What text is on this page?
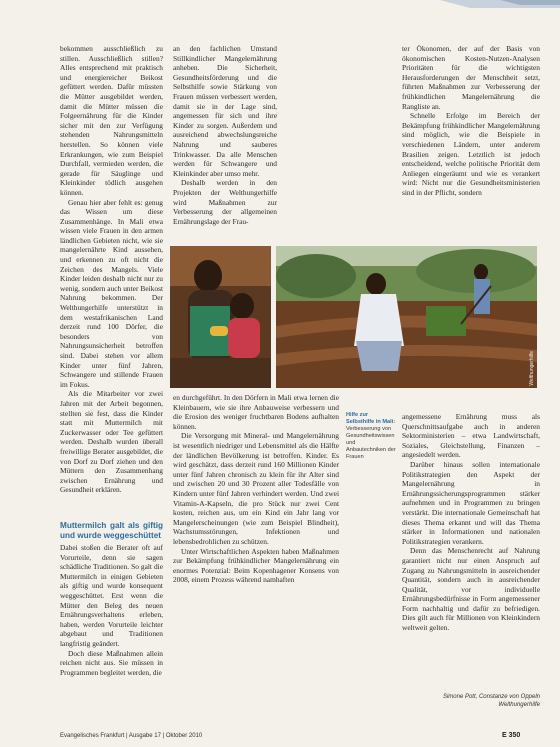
bekommen ausschließlich zu stillen. Ausschließlich stillen? Alles entsprechend mit praktisch und energiereicher Beikost gefüttert werden. Dafür müssten die Mütter ausgebildet werden, damit die Mütter müssen die Folgeernährung für die Kinder sicher mit den zur Verfügung stehenden Nahrungsmitteln herstellen. So können viele Erkrankungen, wie zum Beispiel Durchfall, vermieden werden, die gerade für Säuglinge und Kleinkinder tödlich ausgehen können.

Genau hier aber fehlt es: genug das Wissen um diese Zusammenhänge. In Mali etwa wissen viele Frauen in den armen ländlichen Gebieten nicht, wie sie mangelernährte Kind aussehen, und erkennen zu oft nicht die Zeichen des Mangels. Viele Kinder leiden deshalb nicht nur zu wenig, sondern auch unter Beikost Nahrung bekommen. Der Welthungerhilfe unterstützt in dem westafrikanischen Land derzeit rund 100 Dörfer, die besonders von Nahrungsunsicherheit betroffen sind. Dabei stehen vor allem Kinder unter fünf Jahren, Schwangere und stillende Frauen im Fokus.

Als die Mitarbeiter vor zwei Jahren mit der Arbeit begonnen, stellten sie fest, dass die Kinder statt mit Muttermilch mit Zuckerwasser oder Tee gefüttert werden. Deshalb wurden überall freiwillige Berater ausgebildet, die von Dorf zu Dorf ziehen und den Müttern den Zusammenhang zwischen Ernährung und Gesundheit erklären.

Muttermilch galt als giftig und wurde weggeschüttet

Dabei stoßen die Berater oft auf Vorurteile, denn sie sagen schädliche Traditionen. So galt die Muttermilch in einigen Gebieten als giftig und wurde konsequent weggeschüttet. Erst wenn die Mütter den Beleg des neuen Ernährungsverhaltens erleben, haben, werden Vorurteile leichter abgebaut und Traditionen langfristig geändert.

Doch diese Maßnahmen allein reichen nicht aus. Sie müssen in Programmen begleitet werden, die

an den fachlichen Umstand Stillkindlicher Mangelernährung anheben. Die Sicherheit, Gesundheitsförderung und die Selbsthilfe sowie Stärkung von Frauen müssen verbessert werden, damit sie in der Lage sind, angemessen für sich und ihre Kinder zu sorgen. Außerdem und ausreichend abwechslungsreiche Nahrung und sauberes Trinkwasser. Da alle Menschen werden für Schwangere und Kleinkinder aber umso mehr.

Deshalb werden in den Projekten der Welthungerhilfe wird Maßnahmen zur Verbesserung der allgemeinen Ernährungslage der Frau-

ter Ökonomen, der auf der Basis von ökonomischen Kosten-Nutzen-Analysen Prioritäten für die wichtigsten Herausforderungen der Menschheit setzt, führten Maßnahmen zur Verbesserung der frühkindlichen Mangelernährung die Rangliste an.

Schnelle Erfolge im Bereich der Bekämpfung frühkindlicher Mangelernährung sind möglich, wie die Beispiele in verschiedenen Ländern, unter anderem Brasilien zeigen. Letztlich ist jedoch entscheidend, welche politische Priorität dem Anliegen eingeräumt und wie es verankert wird: Nicht nur die Gesundheitsministerien sind in der Pflicht, sondern

Welthungerhilfe

en durchgeführt. In den Dörfern in Mali etwa lernen die Kleinbauern, wie sie ihre Anbauweise verbessern und die Erosion des weniger fruchtbaren Bodens aufhalten können.

Die Versorgung mit Mineral- und Mangelernährung ist wesentlich niedriger und Lebensmittel als die Hälfte der ländlichen Bevölkerung ist betroffen. Kinder. Es wird geschätzt, dass derzeit rund 160 Millionen Kinder unter fünf Jahren chronisch zu klein für ihr Alter sind und zwischen 20 und 30 Prozent aller Todesfälle von Kindern unter fünf Jahren verhindert werden. Und zwei Vitamin-A-Kapseln, die pro Stück nur zwei Cent kosten, reichen aus, um ein Kind ein Jahr lang vor Mangelerscheinungen (wie zum Beispiel Blindheit), Wachstumsstörungen, Infektionen und lebensbedrohlichen zu schützen.

Unter Wirtschaftlichen Aspekten haben Maßnahmen zur Bekämpfung frühkindlicher Mangelernährung ein enormes Potenzial: Beim Kopenhagener Konsens von 2008, einem Prozess während namhaften

Hilfe zur Selbsthilfe in Mali:
Verbesserung von Gesundheitswissen und Anbautechniken der Frauen

angemessene Ernährung muss als Querschnittsaufgabe auch in anderen Sektorministerien – etwa Landwirtschaft, Soziales, Gleichstellung, Finanzen – angesiedelt werden.

Darüber hinaus sollen internationale Politikstrategien den Aspekt der Mangelernährung in Ernährungssicherungsprogrammen stärker aufnehmen und in Programmen zu bringen verstärkt. Die internationale Gemeinschaft hat dieses Thema erkannt und will das Thema stärker in Informationen und nationalen Politikstrategien verankern.

Denn das Menschenrecht auf Nahrung garantiert nicht nur einen Anspruch auf Zugang zu Nahrungsmitteln in ausreichender Quantität, sondern auch in ausreichender Qualität, vor individuelle Ernährungsbedürfnisse in Form angemessener Form nachhaltig und dafür zu befriedigen. Dies gilt auch für Millionen von Kleinkindern weltweit gelten.

Simone Pott, Constanze von Oppeln
Welthungerhilfe
Evangelisches Frankfurt | Ausgabe 17 | Oktober 2010	E 350
